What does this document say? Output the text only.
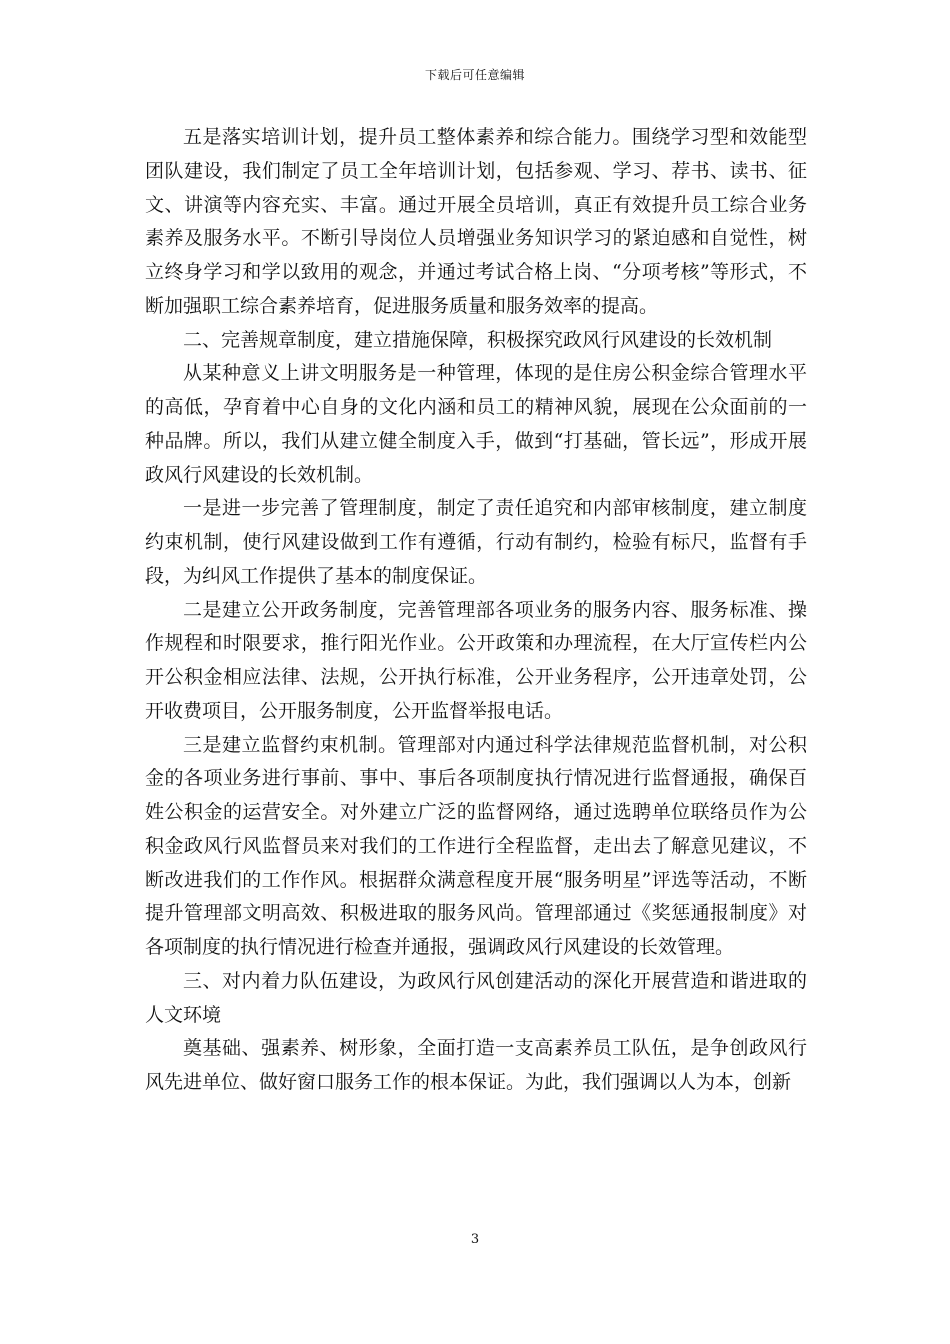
下载后可任意编辑

五是落实培训计划，提升员工整体素养和综合能力。围绕学习型和效能型团队建设，我们制定了员工全年培训计划，包括参观、学习、荐书、读书、征文、讲演等内容充实、丰富。通过开展全员培训，真正有效提升员工综合业务素养及服务水平。不断引导岗位人员增强业务知识学习的紧迫感和自觉性，树立终身学习和学以致用的观念，并通过考试合格上岗、“分项考核”等形式，不断加强职工综合素养培育，促进服务质量和服务效率的提高。

二、完善规章制度，建立措施保障，积极探究政风行风建设的长效机制

从某种意义上讲文明服务是一种管理，体现的是住房公积金综合管理水平的高低，孕育着中心自身的文化内涵和员工的精神风貌，展现在公众面前的一种品牌。所以，我们从建立健全制度入手，做到“打基础，管长远”，形成开展政风行风建设的长效机制。

一是进一步完善了管理制度，制定了责任追究和内部审核制度，建立制度约束机制，使行风建设做到工作有遵循，行动有制约，检验有标尺，监督有手段，为纠风工作提供了基本的制度保证。

二是建立公开政务制度，完善管理部各项业务的服务内容、服务标准、操作规程和时限要求，推行阳光作业。公开政策和办理流程，在大厅宣传栏内公开公积金相应法律、法规，公开执行标准，公开业务程序，公开违章处罚，公开收费项目，公开服务制度，公开监督举报电话。

三是建立监督约束机制。管理部对内通过科学法律规范监督机制，对公积金的各项业务进行事前、事中、事后各项制度执行情况进行监督通报，确保百姓公积金的运营安全。对外建立广泛的监督网络，通过选聘单位联络员作为公积金政风行风监督员来对我们的工作进行全程监督，走出去了解意见建议，不断改进我们的工作作风。根据群众满意程度开展“服务明星”评选等活动，不断提升管理部文明高效、积极进取的服务风尚。管理部通过《奖惩通报制度》对各项制度的执行情况进行检查并通报，强调政风行风建设的长效管理。

三、对内着力队伍建设，为政风行风创建活动的深化开展营造和谐进取的人文环境

奠基础、强素养、树形象，全面打造一支高素养员工队伍，是争创政风行风先进单位、做好窗口服务工作的根本保证。为此，我们强调以人为本，创新

3
